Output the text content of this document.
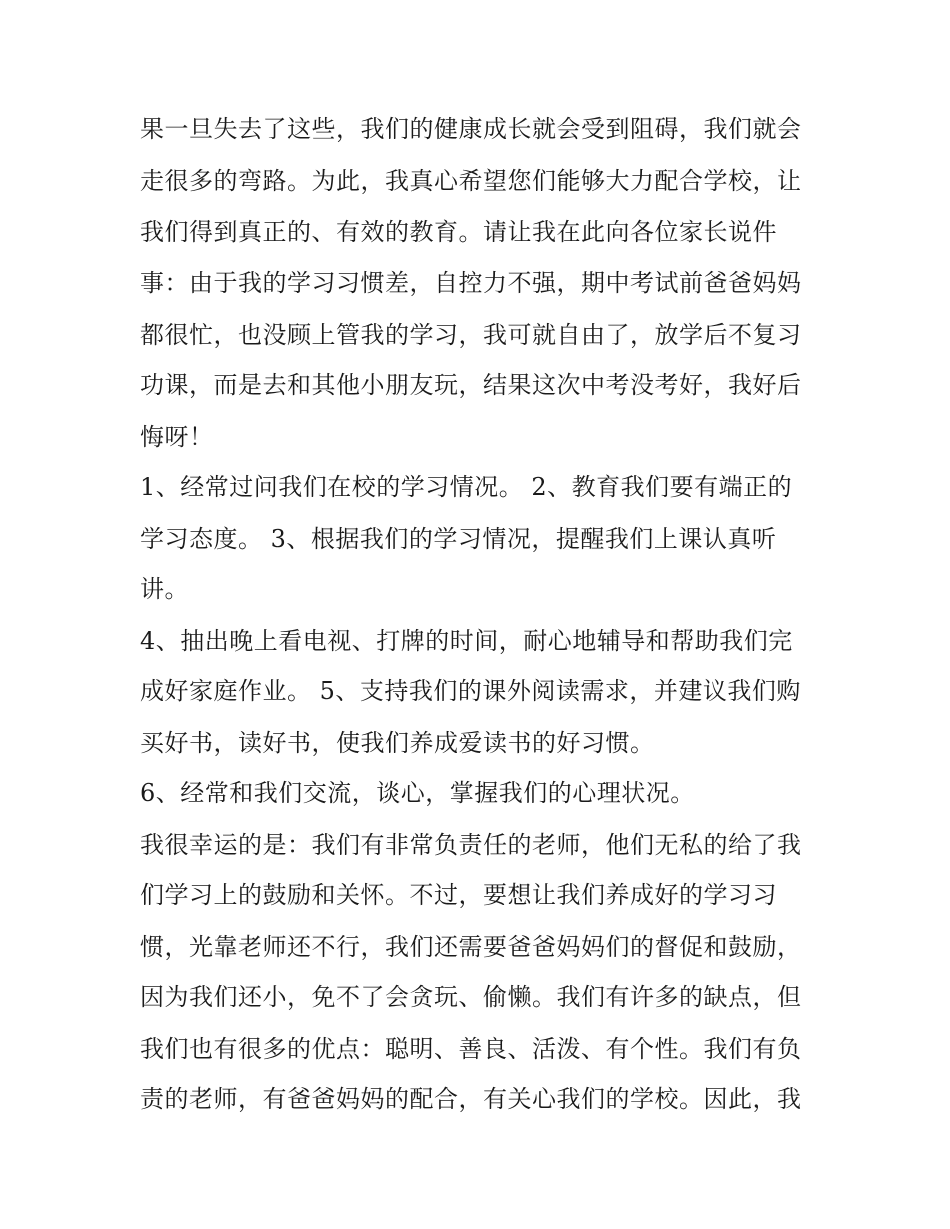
果一旦失去了这些，我们的健康成长就会受到阻碍，我们就会
走很多的弯路。为此，我真心希望您们能够大力配合学校，让
我们得到真正的、有效的教育。请让我在此向各位家长说件
事：由于我的学习习惯差，自控力不强，期中考试前爸爸妈妈
都很忙，也没顾上管我的学习，我可就自由了，放学后不复习
功课，而是去和其他小朋友玩，结果这次中考没考好，我好后
悔呀！
1、经常过问我们在校的学习情况。 2、教育我们要有端正的
学习态度。 3、根据我们的学习情况，提醒我们上课认真听
讲。
4、抽出晚上看电视、打牌的时间，耐心地辅导和帮助我们完
成好家庭作业。 5、支持我们的课外阅读需求，并建议我们购
买好书，读好书，使我们养成爱读书的好习惯。
6、经常和我们交流，谈心，掌握我们的心理状况。
我很幸运的是：我们有非常负责任的老师，他们无私的给了我
们学习上的鼓励和关怀。不过，要想让我们养成好的学习习
惯，光靠老师还不行，我们还需要爸爸妈妈们的督促和鼓励，
因为我们还小，免不了会贪玩、偷懒。我们有许多的缺点，但
我们也有很多的优点：聪明、善良、活泼、有个性。我们有负
责的老师，有爸爸妈妈的配合，有关心我们的学校。因此，我
